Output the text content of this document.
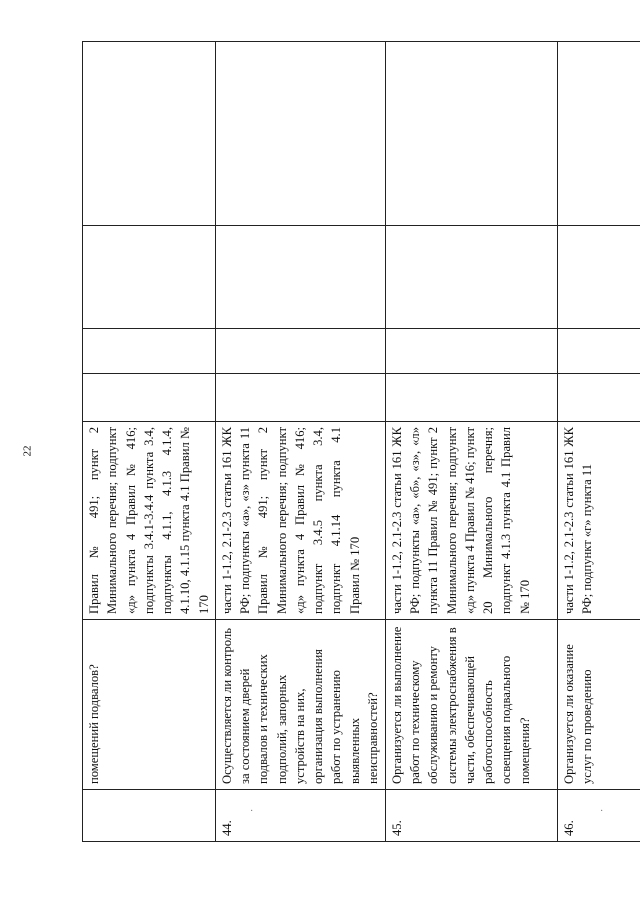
22
	помещений подвалов?	Правил № 491; пункт 2 Минимального перечня; подпункт «д» пункта 4 Правил № 416; подпункты 3.4.1-3.4.4 пункта 3.4, подпункты 4.1.1, 4.1.3 4.1.4, 4.1.10, 4.1.15 пункта 4.1 Правил № 170				
44.	Осуществляется ли контроль за состоянием дверей подвалов и технических подполий, запорных устройств на них, организация выполнения работ по устранению выявленных неисправностей?	части 1-1.2, 2.1-2.3 статьи 161 ЖК РФ; подпункты «а», «з» пункта 11 Правил № 491; пункт 2 Минимального перечня; подпункт «д» пункта 4 Правил № 416; подпункт 3.4.5 пункта 3.4, подпункт 4.1.14 пункта 4.1 Правил № 170				
45.	Организуется ли выполнение работ по техническому обслуживанию и ремонту системы электроснабжения в части, обеспечивающей работоспособность освещения подвального помещения?	части 1-1.2, 2.1-2.3 статьи 161 ЖК РФ; подпункты «а», «б», «з», «л» пункта 11 Правил № 491; пункт 2 Минимального перечня; подпункт «д» пункта 4 Правил № 416; пункт 20 Минимального перечня; подпункт 4.1.3 пункта 4.1 Правил № 170				
46.	Организуется ли оказание услуг по проведению	части 1-1.2, 2.1-2.3 статьи 161 ЖК РФ; подпункт «г» пункта 11				
·	·
